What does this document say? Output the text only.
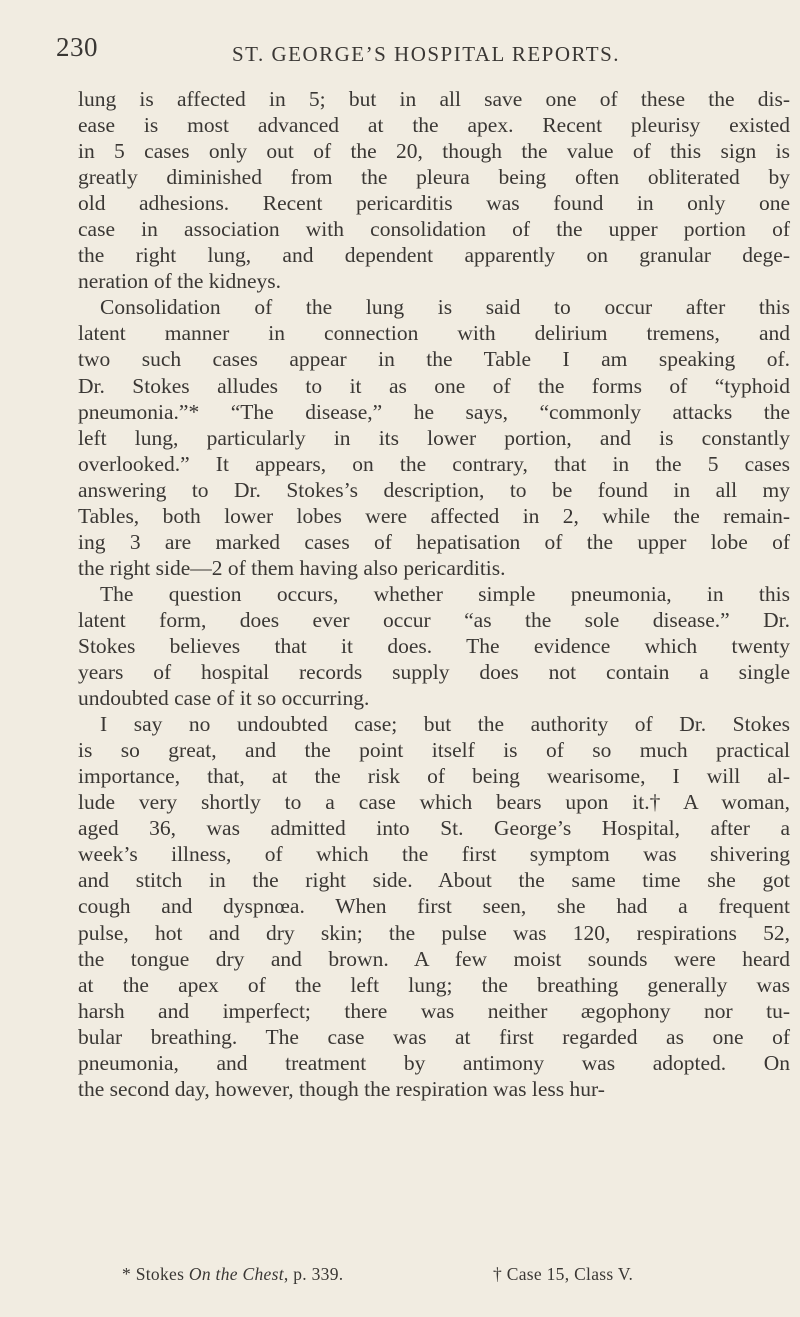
230	ST. GEORGE’S HOSPITAL REPORTS.
lung is affected in 5; but in all save one of these the dis-
ease is most advanced at the apex. Recent pleurisy existed
in 5 cases only out of the 20, though the value of this sign is
greatly diminished from the pleura being often obliterated by
old adhesions. Recent pericarditis was found in only one
case in association with consolidation of the upper portion of
the right lung, and dependent apparently on granular dege-
neration of the kidneys.
Consolidation of the lung is said to occur after this
latent manner in connection with delirium tremens, and
two such cases appear in the Table I am speaking of.
Dr. Stokes alludes to it as one of the forms of “typhoid
pneumonia.”* “The disease,” he says, “commonly attacks the
left lung, particularly in its lower portion, and is constantly
overlooked.” It appears, on the contrary, that in the 5 cases
answering to Dr. Stokes’s description, to be found in all my
Tables, both lower lobes were affected in 2, while the remain-
ing 3 are marked cases of hepatisation of the upper lobe of
the right side—2 of them having also pericarditis.
The question occurs, whether simple pneumonia, in this
latent form, does ever occur “as the sole disease.” Dr.
Stokes believes that it does. The evidence which twenty
years of hospital records supply does not contain a single
undoubted case of it so occurring.
I say no undoubted case; but the authority of Dr. Stokes
is so great, and the point itself is of so much practical
importance, that, at the risk of being wearisome, I will al-
lude very shortly to a case which bears upon it.† A woman,
aged 36, was admitted into St. George’s Hospital, after a
week’s illness, of which the first symptom was shivering
and stitch in the right side. About the same time she got
cough and dyspnœa. When first seen, she had a frequent
pulse, hot and dry skin; the pulse was 120, respirations 52,
the tongue dry and brown. A few moist sounds were heard
at the apex of the left lung; the breathing generally was
harsh and imperfect; there was neither ægophony nor tu-
bular breathing. The case was at first regarded as one of
pneumonia, and treatment by antimony was adopted. On
the second day, however, though the respiration was less hur-
* Stokes On the Chest, p. 339.	† Case 15, Class V.
